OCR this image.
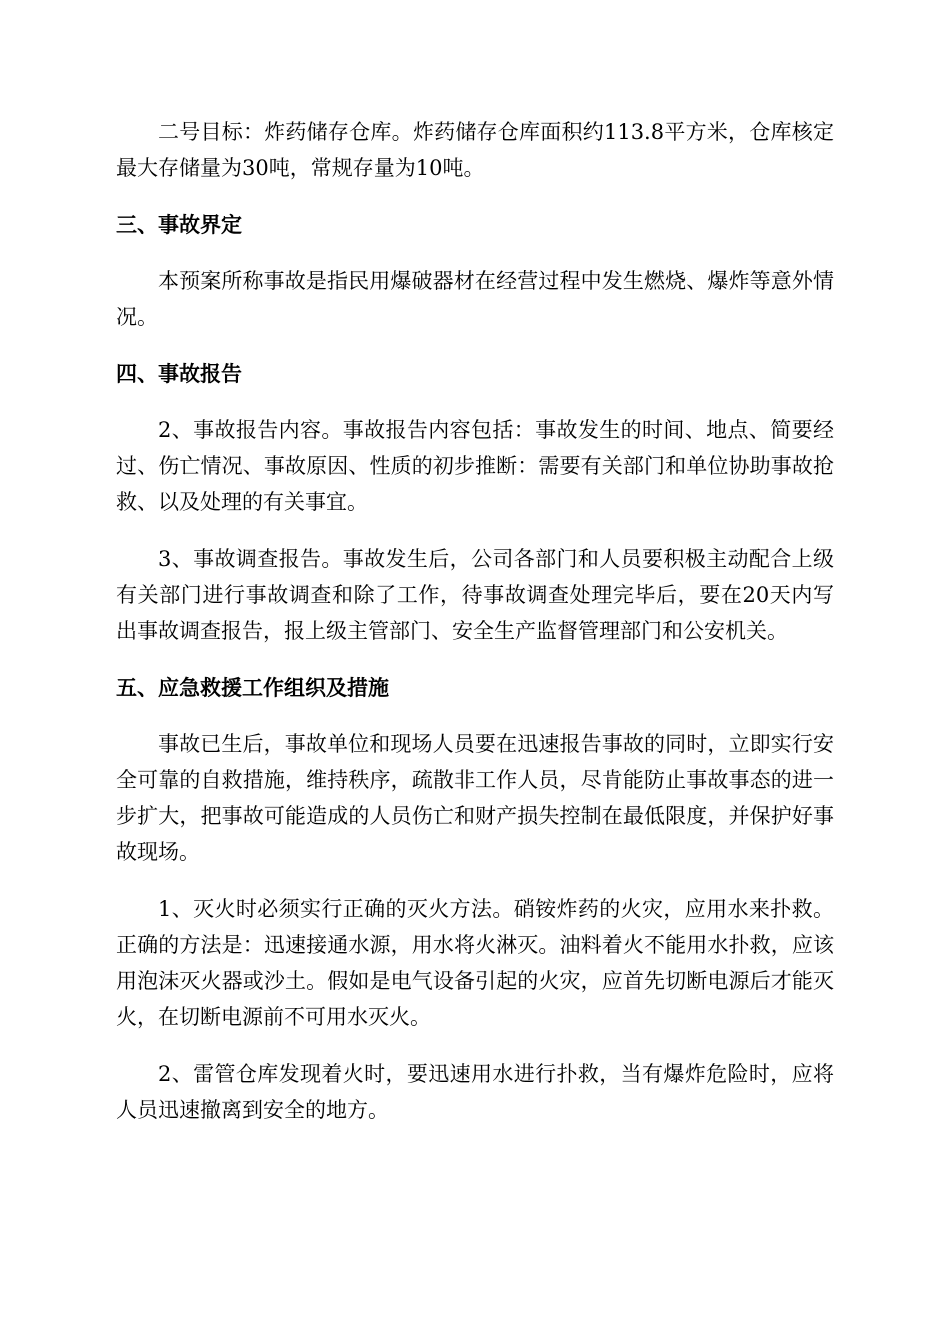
二号目标：炸药储存仓库。炸药储存仓库面积约113.8平方米，仓库核定最大存储量为30吨，常规存量为10吨。

三、事故界定

本预案所称事故是指民用爆破器材在经营过程中发生燃烧、爆炸等意外情况。

四、事故报告

2、事故报告内容。事故报告内容包括：事故发生的时间、地点、简要经过、伤亡情况、事故原因、性质的初步推断：需要有关部门和单位协助事故抢救、以及处理的有关事宜。

3、事故调查报告。事故发生后，公司各部门和人员要积极主动配合上级有关部门进行事故调查和除了工作，待事故调查处理完毕后，要在20天内写出事故调查报告，报上级主管部门、安全生产监督管理部门和公安机关。

五、应急救援工作组织及措施

事故已生后，事故单位和现场人员要在迅速报告事故的同时，立即实行安全可靠的自救措施，维持秩序，疏散非工作人员，尽肯能防止事故事态的进一步扩大，把事故可能造成的人员伤亡和财产损失控制在最低限度，并保护好事故现场。

1、灭火时必须实行正确的灭火方法。硝铵炸药的火灾，应用水来扑救。正确的方法是：迅速接通水源，用水将火淋灭。油料着火不能用水扑救，应该用泡沫灭火器或沙土。假如是电气设备引起的火灾，应首先切断电源后才能灭火，在切断电源前不可用水灭火。

2、雷管仓库发现着火时，要迅速用水进行扑救，当有爆炸危险时，应将人员迅速撤离到安全的地方。
